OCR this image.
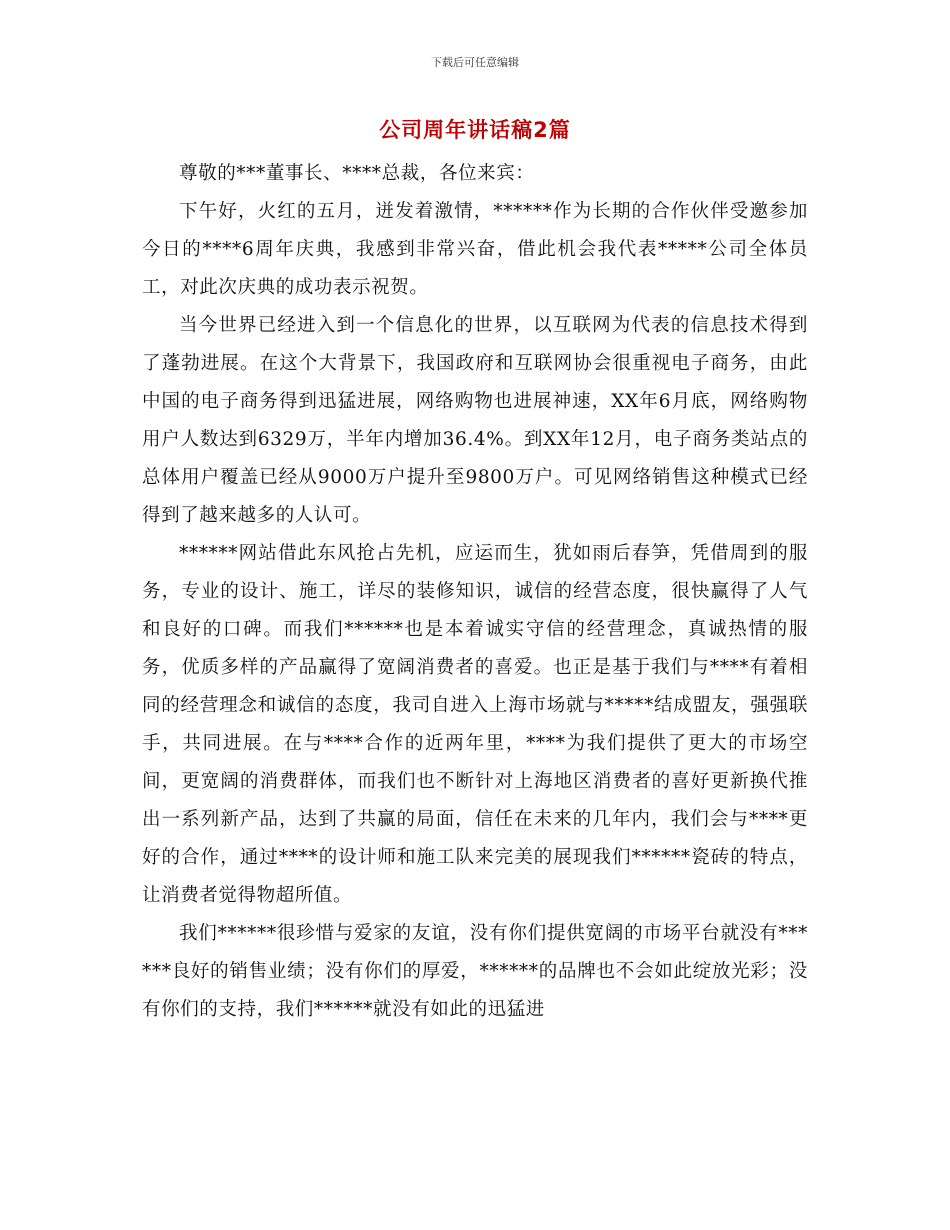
下载后可任意编辑
公司周年讲话稿2篇

尊敬的***董事长、****总裁，各位来宾：

下午好，火红的五月，迸发着激情，******作为长期的合作伙伴受邀参加今日的****6周年庆典，我感到非常兴奋，借此机会我代表*****公司全体员工，对此次庆典的成功表示祝贺。

当今世界已经进入到一个信息化的世界，以互联网为代表的信息技术得到了蓬勃进展。在这个大背景下，我国政府和互联网协会很重视电子商务，由此中国的电子商务得到迅猛进展，网络购物也进展神速，XX年6月底，网络购物用户人数达到6329万，半年内增加36.4%。到XX年12月，电子商务类站点的总体用户覆盖已经从9000万户提升至9800万户。可见网络销售这种模式已经得到了越来越多的人认可。

******网站借此东风抢占先机，应运而生，犹如雨后春笋，凭借周到的服务，专业的设计、施工，详尽的装修知识，诚信的经营态度，很快赢得了人气和良好的口碑。而我们******也是本着诚实守信的经营理念，真诚热情的服务，优质多样的产品赢得了宽阔消费者的喜爱。也正是基于我们与****有着相同的经营理念和诚信的态度，我司自进入上海市场就与*****结成盟友，强强联手，共同进展。在与****合作的近两年里，****为我们提供了更大的市场空间，更宽阔的消费群体，而我们也不断针对上海地区消费者的喜好更新换代推出一系列新产品，达到了共赢的局面，信任在未来的几年内，我们会与****更好的合作，通过****的设计师和施工队来完美的展现我们******瓷砖的特点，让消费者觉得物超所值。

我们******很珍惜与爱家的友谊，没有你们提供宽阔的市场平台就没有******良好的销售业绩；没有你们的厚爱，******的品牌也不会如此绽放光彩；没有你们的支持，我们******就没有如此的迅猛进
